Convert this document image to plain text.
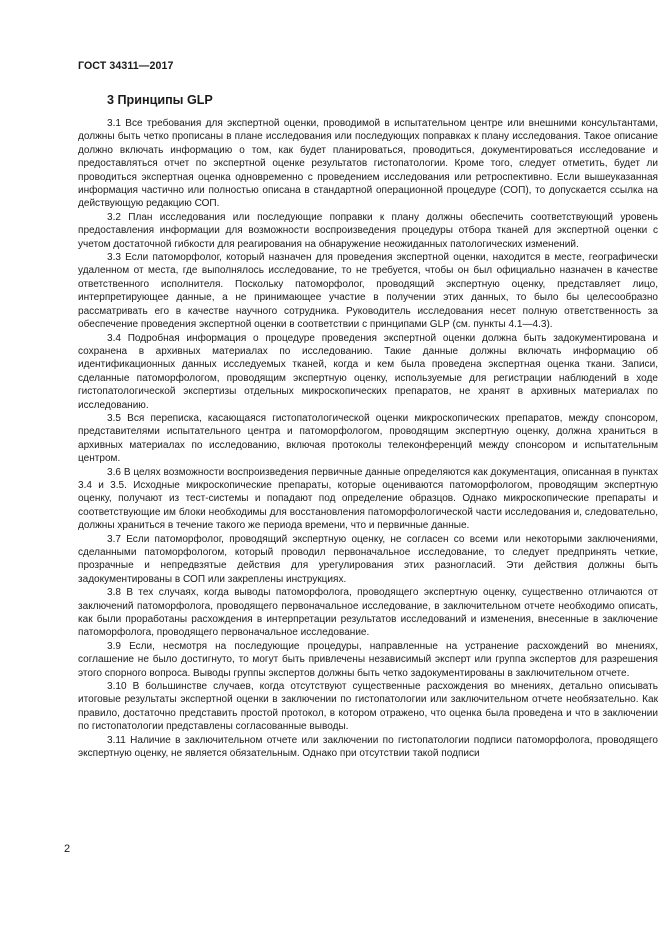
ГОСТ 34311—2017
3 Принципы GLP

3.1 Все требования для экспертной оценки, проводимой в испытательном центре или внешними консультантами, должны быть четко прописаны в плане исследования или последующих поправках к плану исследования. Такое описание должно включать информацию о том, как будет планироваться, проводиться, документироваться исследование и предоставляться отчет по экспертной оценке результатов гистопатологии. Кроме того, следует отметить, будет ли проводиться экспертная оценка одновременно с проведением исследования или ретроспективно. Если вышеуказанная информация частично или полностью описана в стандартной операционной процедуре (СОП), то допускается ссылка на действующую редакцию СОП.

3.2 План исследования или последующие поправки к плану должны обеспечить соответствующий уровень предоставления информации для возможности воспроизведения процедуры отбора тканей для экспертной оценки с учетом достаточной гибкости для реагирования на обнаружение неожиданных патологических изменений.

3.3 Если патоморфолог, который назначен для проведения экспертной оценки, находится в месте, географически удаленном от места, где выполнялось исследование, то не требуется, чтобы он был официально назначен в качестве ответственного исполнителя. Поскольку патоморфолог, проводящий экспертную оценку, представляет лицо, интерпретирующее данные, а не принимающее участие в получении этих данных, то было бы целесообразно рассматривать его в качестве научного сотрудника. Руководитель исследования несет полную ответственность за обеспечение проведения экспертной оценки в соответствии с принципами GLP (см. пункты 4.1—4.3).

3.4 Подробная информация о процедуре проведения экспертной оценки должна быть задокументирована и сохранена в архивных материалах по исследованию. Такие данные должны включать информацию об идентификационных данных исследуемых тканей, когда и кем была проведена экспертная оценка ткани. Записи, сделанные патоморфологом, проводящим экспертную оценку, используемые для регистрации наблюдений в ходе гистопатологической экспертизы отдельных микроскопических препаратов, не хранят в архивных материалах по исследованию.

3.5 Вся переписка, касающаяся гистопатологической оценки микроскопических препаратов, между спонсором, представителями испытательного центра и патоморфологом, проводящим экспертную оценку, должна храниться в архивных материалах по исследованию, включая протоколы телеконференций между спонсором и испытательным центром.

3.6 В целях возможности воспроизведения первичные данные определяются как документация, описанная в пунктах 3.4 и 3.5. Исходные микроскопические препараты, которые оцениваются патоморфологом, проводящим экспертную оценку, получают из тест-системы и попадают под определение образцов. Однако микроскопические препараты и соответствующие им блоки необходимы для восстановления патоморфологической части исследования и, следовательно, должны храниться в течение такого же периода времени, что и первичные данные.

3.7 Если патоморфолог, проводящий экспертную оценку, не согласен со всеми или некоторыми заключениями, сделанными патоморфологом, который проводил первоначальное исследование, то следует предпринять четкие, прозрачные и непредвзятые действия для урегулирования этих разногласий. Эти действия должны быть задокументированы в СОП или закреплены инструкциях.

3.8 В тех случаях, когда выводы патоморфолога, проводящего экспертную оценку, существенно отличаются от заключений патоморфолога, проводящего первоначальное исследование, в заключительном отчете необходимо описать, как были проработаны расхождения в интерпретации результатов исследований и изменения, внесенные в заключение патоморфолога, проводящего первоначальное исследование.

3.9 Если, несмотря на последующие процедуры, направленные на устранение расхождений во мнениях, соглашение не было достигнуто, то могут быть привлечены независимый эксперт или группа экспертов для разрешения этого спорного вопроса. Выводы группы экспертов должны быть четко задокументированы в заключительном отчете.

3.10 В большинстве случаев, когда отсутствуют существенные расхождения во мнениях, детально описывать итоговые результаты экспертной оценки в заключении по гистопатологии или заключительном отчете необязательно. Как правило, достаточно представить простой протокол, в котором отражено, что оценка была проведена и что в заключении по гистопатологии представлены согласованные выводы.

3.11 Наличие в заключительном отчете или заключении по гистопатологии подписи патоморфолога, проводящего экспертную оценку, не является обязательным. Однако при отсутствии такой подписи

2
